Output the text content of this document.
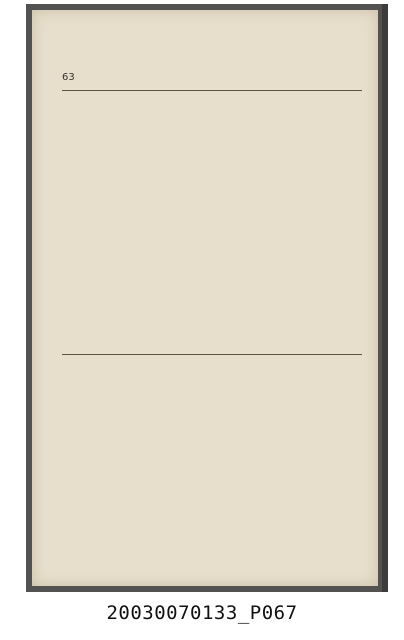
63

20030070133_P067
